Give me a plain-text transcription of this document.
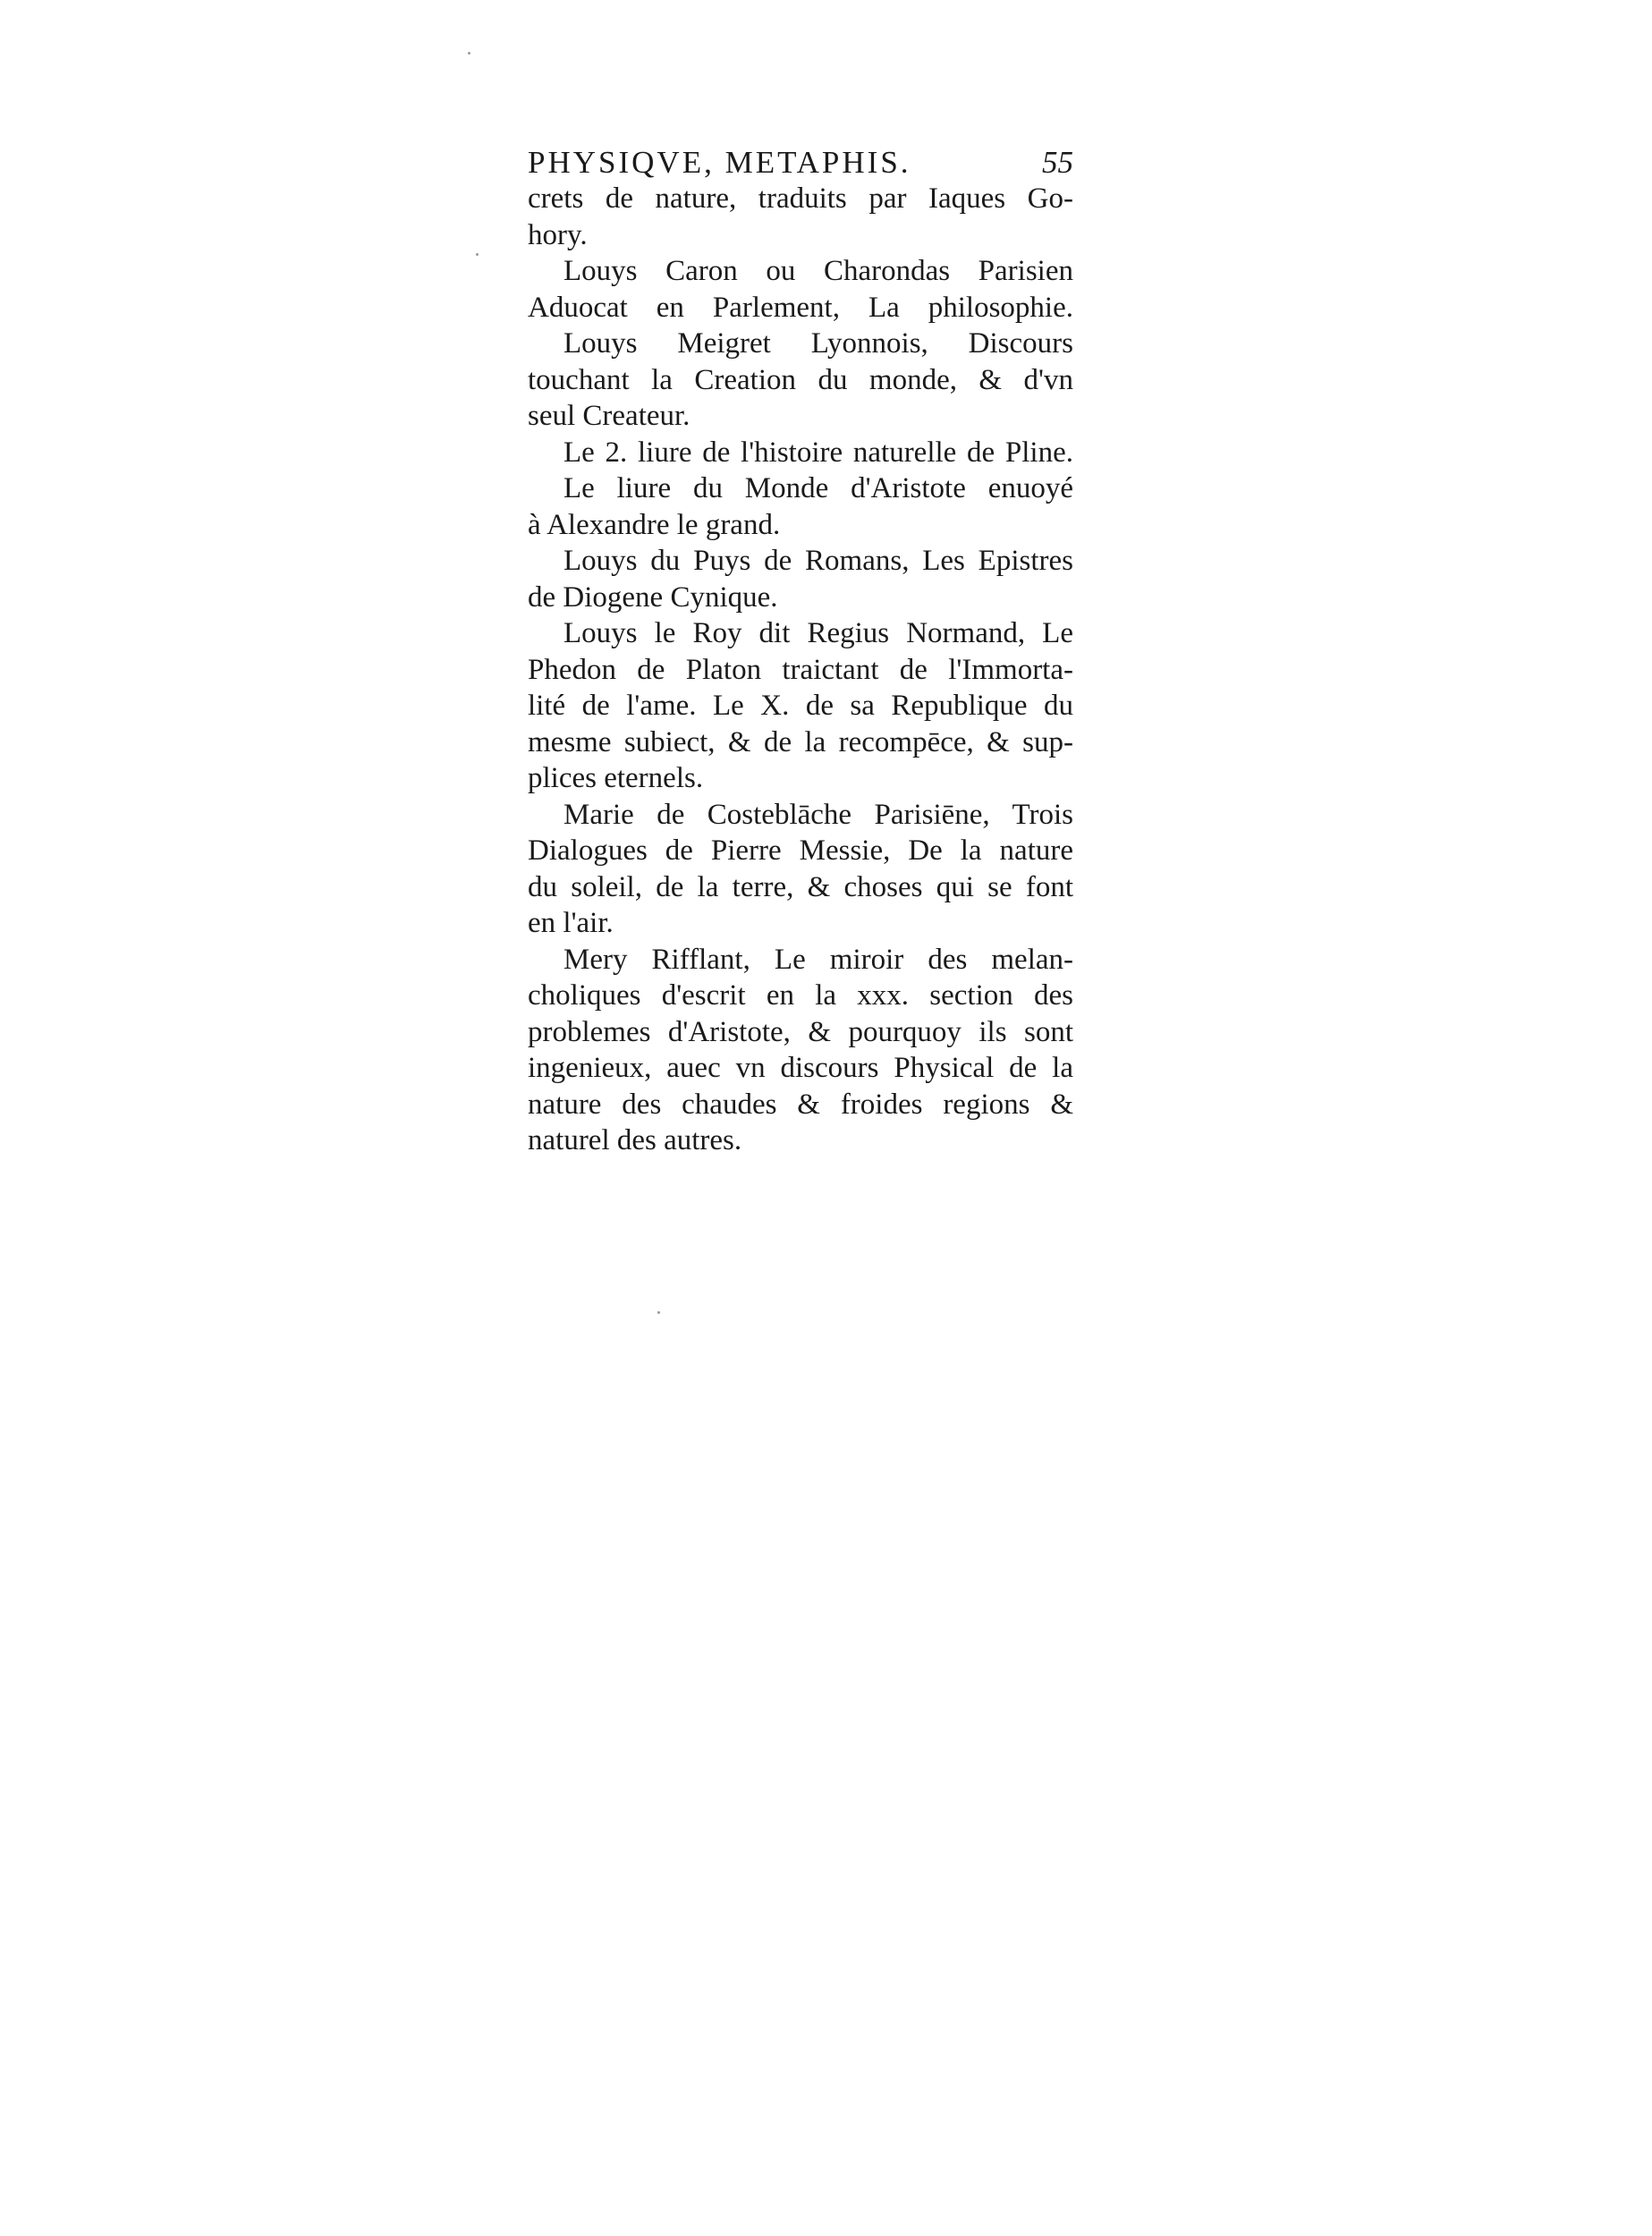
PHYSIQVE, METAPHIS.	55
crets de nature, traduits par Iaques Go-
hory.
Louys Caron ou Charondas Parisien
Aduocat en Parlement, La philosophie.
Louys Meigret Lyonnois, Discours
touchant la Creation du monde, & d'vn
seul Createur.
Le 2. liure de l'histoire naturelle de Pline.
Le liure du Monde d'Aristote enuoyé
à Alexandre le grand.
Louys du Puys de Romans, Les Epistres
de Diogene Cynique.
Louys le Roy dit Regius Normand, Le
Phedon de Platon traictant de l'Immorta-
lité de l'ame. Le X. de sa Republique du
mesme subiect, & de la recompēce, & sup-
plices eternels.
Marie de Costeblāche Parisiēne, Trois
Dialogues de Pierre Messie, De la nature
du soleil, de la terre, & choses qui se font
en l'air.
Mery Rifflant, Le miroir des melan-
choliques d'escrit en la xxx. section des
problemes d'Aristote, & pourquoy ils sont
ingenieux, auec vn discours Physical de la
nature des chaudes & froides regions &
naturel des autres.
